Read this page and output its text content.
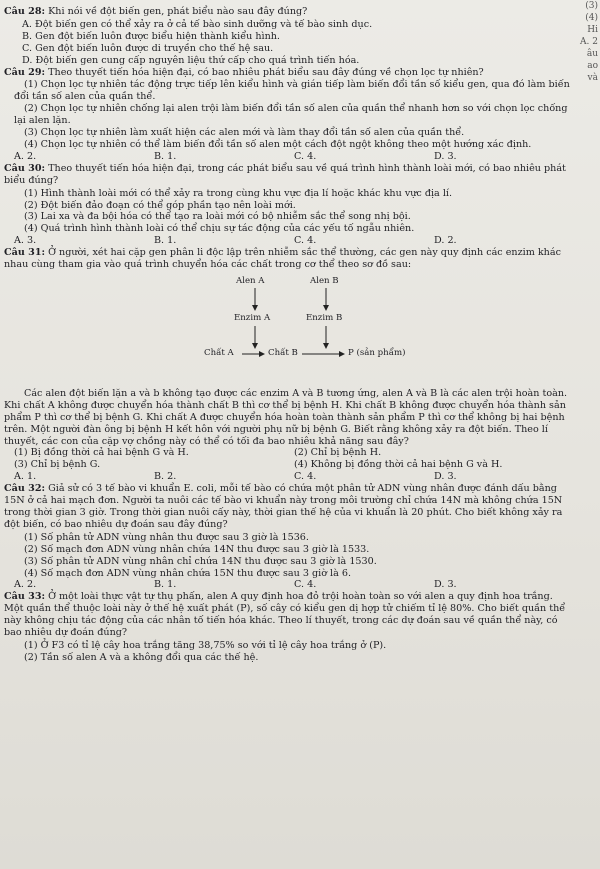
(3)
(4) Hi
A. 2
âu
ao
và
Câu 28: Khi nói về đột biến gen, phát biểu nào sau đây đúng?
A. Đột biến gen có thể xảy ra ở cả tế bào sinh dưỡng và tế bào sinh dục.
B. Gen đột biến luôn được biểu hiện thành kiểu hình.
C. Gen đột biến luôn được di truyền cho thế hệ sau.
D. Đột biến gen cung cấp nguyên liệu thứ cấp cho quá trình tiến hóa.
Câu 29: Theo thuyết tiến hóa hiện đại, có bao nhiêu phát biểu sau đây đúng về chọn lọc tự nhiên?
(1) Chọn lọc tự nhiên tác động trực tiếp lên kiểu hình và gián tiếp làm biến đổi tần số kiểu gen, qua đó làm biến đổi tần số alen của quần thể.
(2) Chọn lọc tự nhiên chống lại alen trội làm biến đổi tần số alen của quần thể nhanh hơn so với chọn lọc chống lại alen lặn.
(3) Chọn lọc tự nhiên làm xuất hiện các alen mới và làm thay đổi tần số alen của quần thể.
(4) Chọn lọc tự nhiên có thể làm biến đổi tần số alen một cách đột ngột không theo một hướng xác định.
A. 2.	B. 1.	C. 4.	D. 3.
Câu 30: Theo thuyết tiến hóa hiện đại, trong các phát biểu sau về quá trình hình thành loài mới, có bao nhiêu phát biểu đúng?
(1) Hình thành loài mới có thể xảy ra trong cùng khu vực địa lí hoặc khác khu vực địa lí.
(2) Đột biến đảo đoạn có thể góp phần tạo nên loài mới.
(3) Lai xa và đa bội hóa có thể tạo ra loài mới có bộ nhiễm sắc thể song nhị bội.
(4) Quá trình hình thành loài có thể chịu sự tác động của các yếu tố ngẫu nhiên.
A. 3.	B. 1.	C. 4.	D. 2.
Câu 31: Ở người, xét hai cặp gen phân li độc lập trên nhiễm sắc thể thường, các gen này quy định các enzim khác nhau cùng tham gia vào quá trình chuyển hóa các chất trong cơ thể theo sơ đồ sau:
Alen A	Alen B
Enzim A	Enzim B
Chất A	Chất B	P (sản phẩm)

Các alen đột biến lặn a và b không tạo được các enzim A và B tương ứng, alen A và B là các alen trội hoàn toàn. Khi chất A không được chuyển hóa thành chất B thì cơ thể bị bệnh H. Khi chất B không được chuyển hóa thành sản phẩm P thì cơ thể bị bệnh G. Khi chất A được chuyển hóa hoàn toàn thành sản phẩm P thì cơ thể không bị hai bệnh trên. Một người đàn ông bị bệnh H kết hôn với người phụ nữ bị bệnh G. Biết rằng không xảy ra đột biến. Theo lí thuyết, các con của cặp vợ chồng này có thể có tối đa bao nhiêu khả năng sau đây?

(1) Bị đồng thời cả hai bệnh G và H.	(2) Chỉ bị bệnh H.
(3) Chỉ bị bệnh G.	(4) Không bị đồng thời cả hai bệnh G và H.
A. 1.	B. 2.	C. 4.	D. 3.
Câu 32: Giả sử có 3 tế bào vi khuẩn E. coli, mỗi tế bào có chứa một phân tử ADN vùng nhân được đánh dấu bằng 15N ở cả hai mạch đơn. Người ta nuôi các tế bào vi khuẩn này trong môi trường chỉ chứa 14N mà không chứa 15N trong thời gian 3 giờ. Trong thời gian nuôi cấy này, thời gian thế hệ của vi khuẩn là 20 phút. Cho biết không xảy ra đột biến, có bao nhiêu dự đoán sau đây đúng?
(1) Số phân tử ADN vùng nhân thu được sau 3 giờ là 1536.
(2) Số mạch đơn ADN vùng nhân chứa 14N thu được sau 3 giờ là 1533.
(3) Số phân tử ADN vùng nhân chỉ chứa 14N thu được sau 3 giờ là 1530.
(4) Số mạch đơn ADN vùng nhân chứa 15N thu được sau 3 giờ là 6.
A. 2.	B. 1.	C. 4.	D. 3.
Câu 33: Ở một loài thực vật tự thụ phấn, alen A quy định hoa đỏ trội hoàn toàn so với alen a quy định hoa trắng. Một quần thể thuộc loài này ở thế hệ xuất phát (P), số cây có kiểu gen dị hợp tử chiếm tỉ lệ 80%. Cho biết quần thể này không chịu tác động của các nhân tố tiến hóa khác. Theo lí thuyết, trong các dự đoán sau về quần thể này, có bao nhiêu dự đoán đúng?
(1) Ở F3 có tỉ lệ cây hoa trắng tăng 38,75% so với tỉ lệ cây hoa trắng ở (P).
(2) Tần số alen A và a không đổi qua các thế hệ.
